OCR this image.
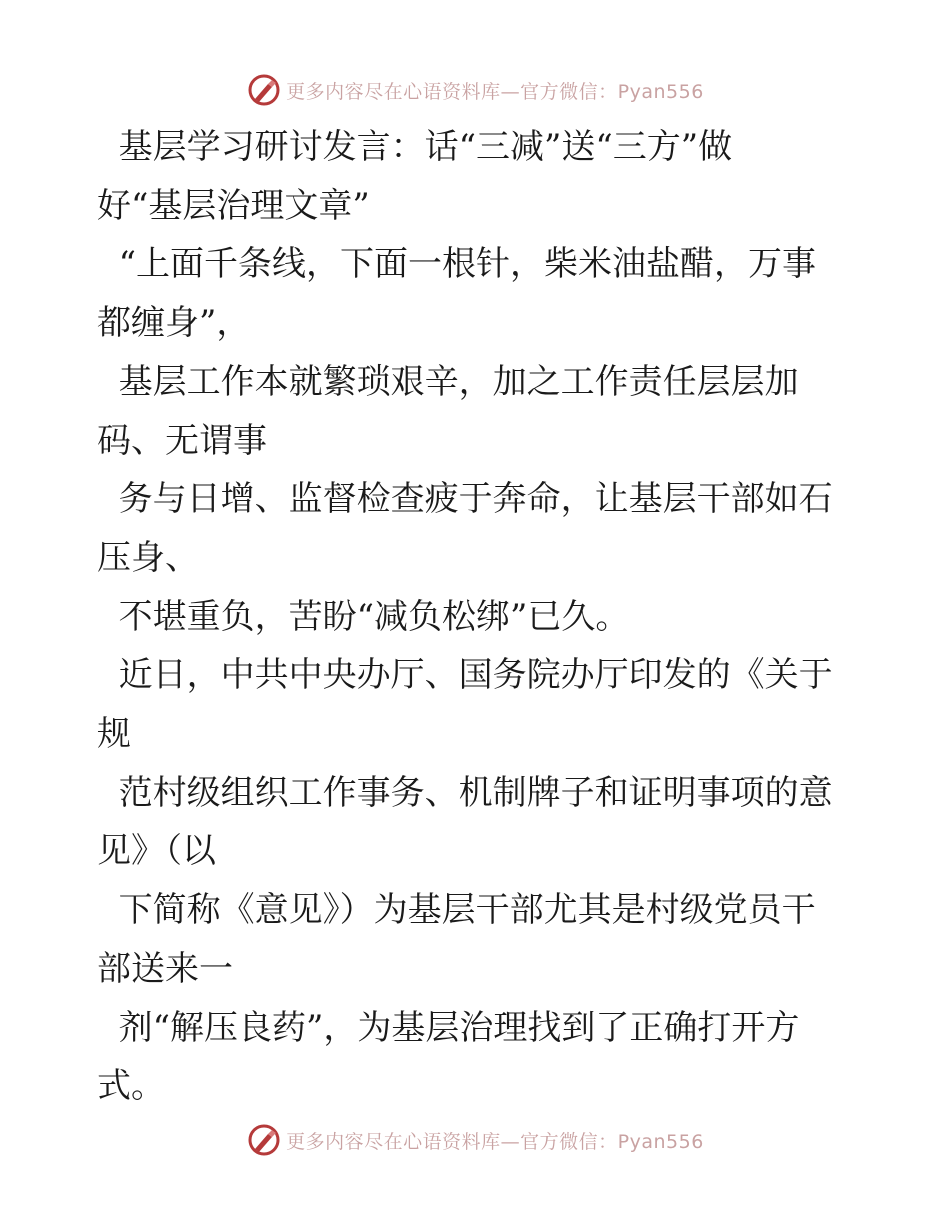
更多内容尽在心语资料库—官方微信：Pyan556

基层学习研讨发言：话“三减”送“三方”做

好“基层治理文章”

“上面千条线，下面一根针，柴米油盐醋，万事

都缠身”，

基层工作本就繁琐艰辛，加之工作责任层层加

码、无谓事

务与日增、监督检查疲于奔命，让基层干部如石

压身、

不堪重负，苦盼“减负松绑”已久。

近日，中共中央办厅、国务院办厅印发的《关于

规

范村级组织工作事务、机制牌子和证明事项的意

见》（以

下简称《意见》）为基层干部尤其是村级党员干

部送来一

剂“解压良药”，为基层治理找到了正确打开方

式。

更多内容尽在心语资料库—官方微信：Pyan556
